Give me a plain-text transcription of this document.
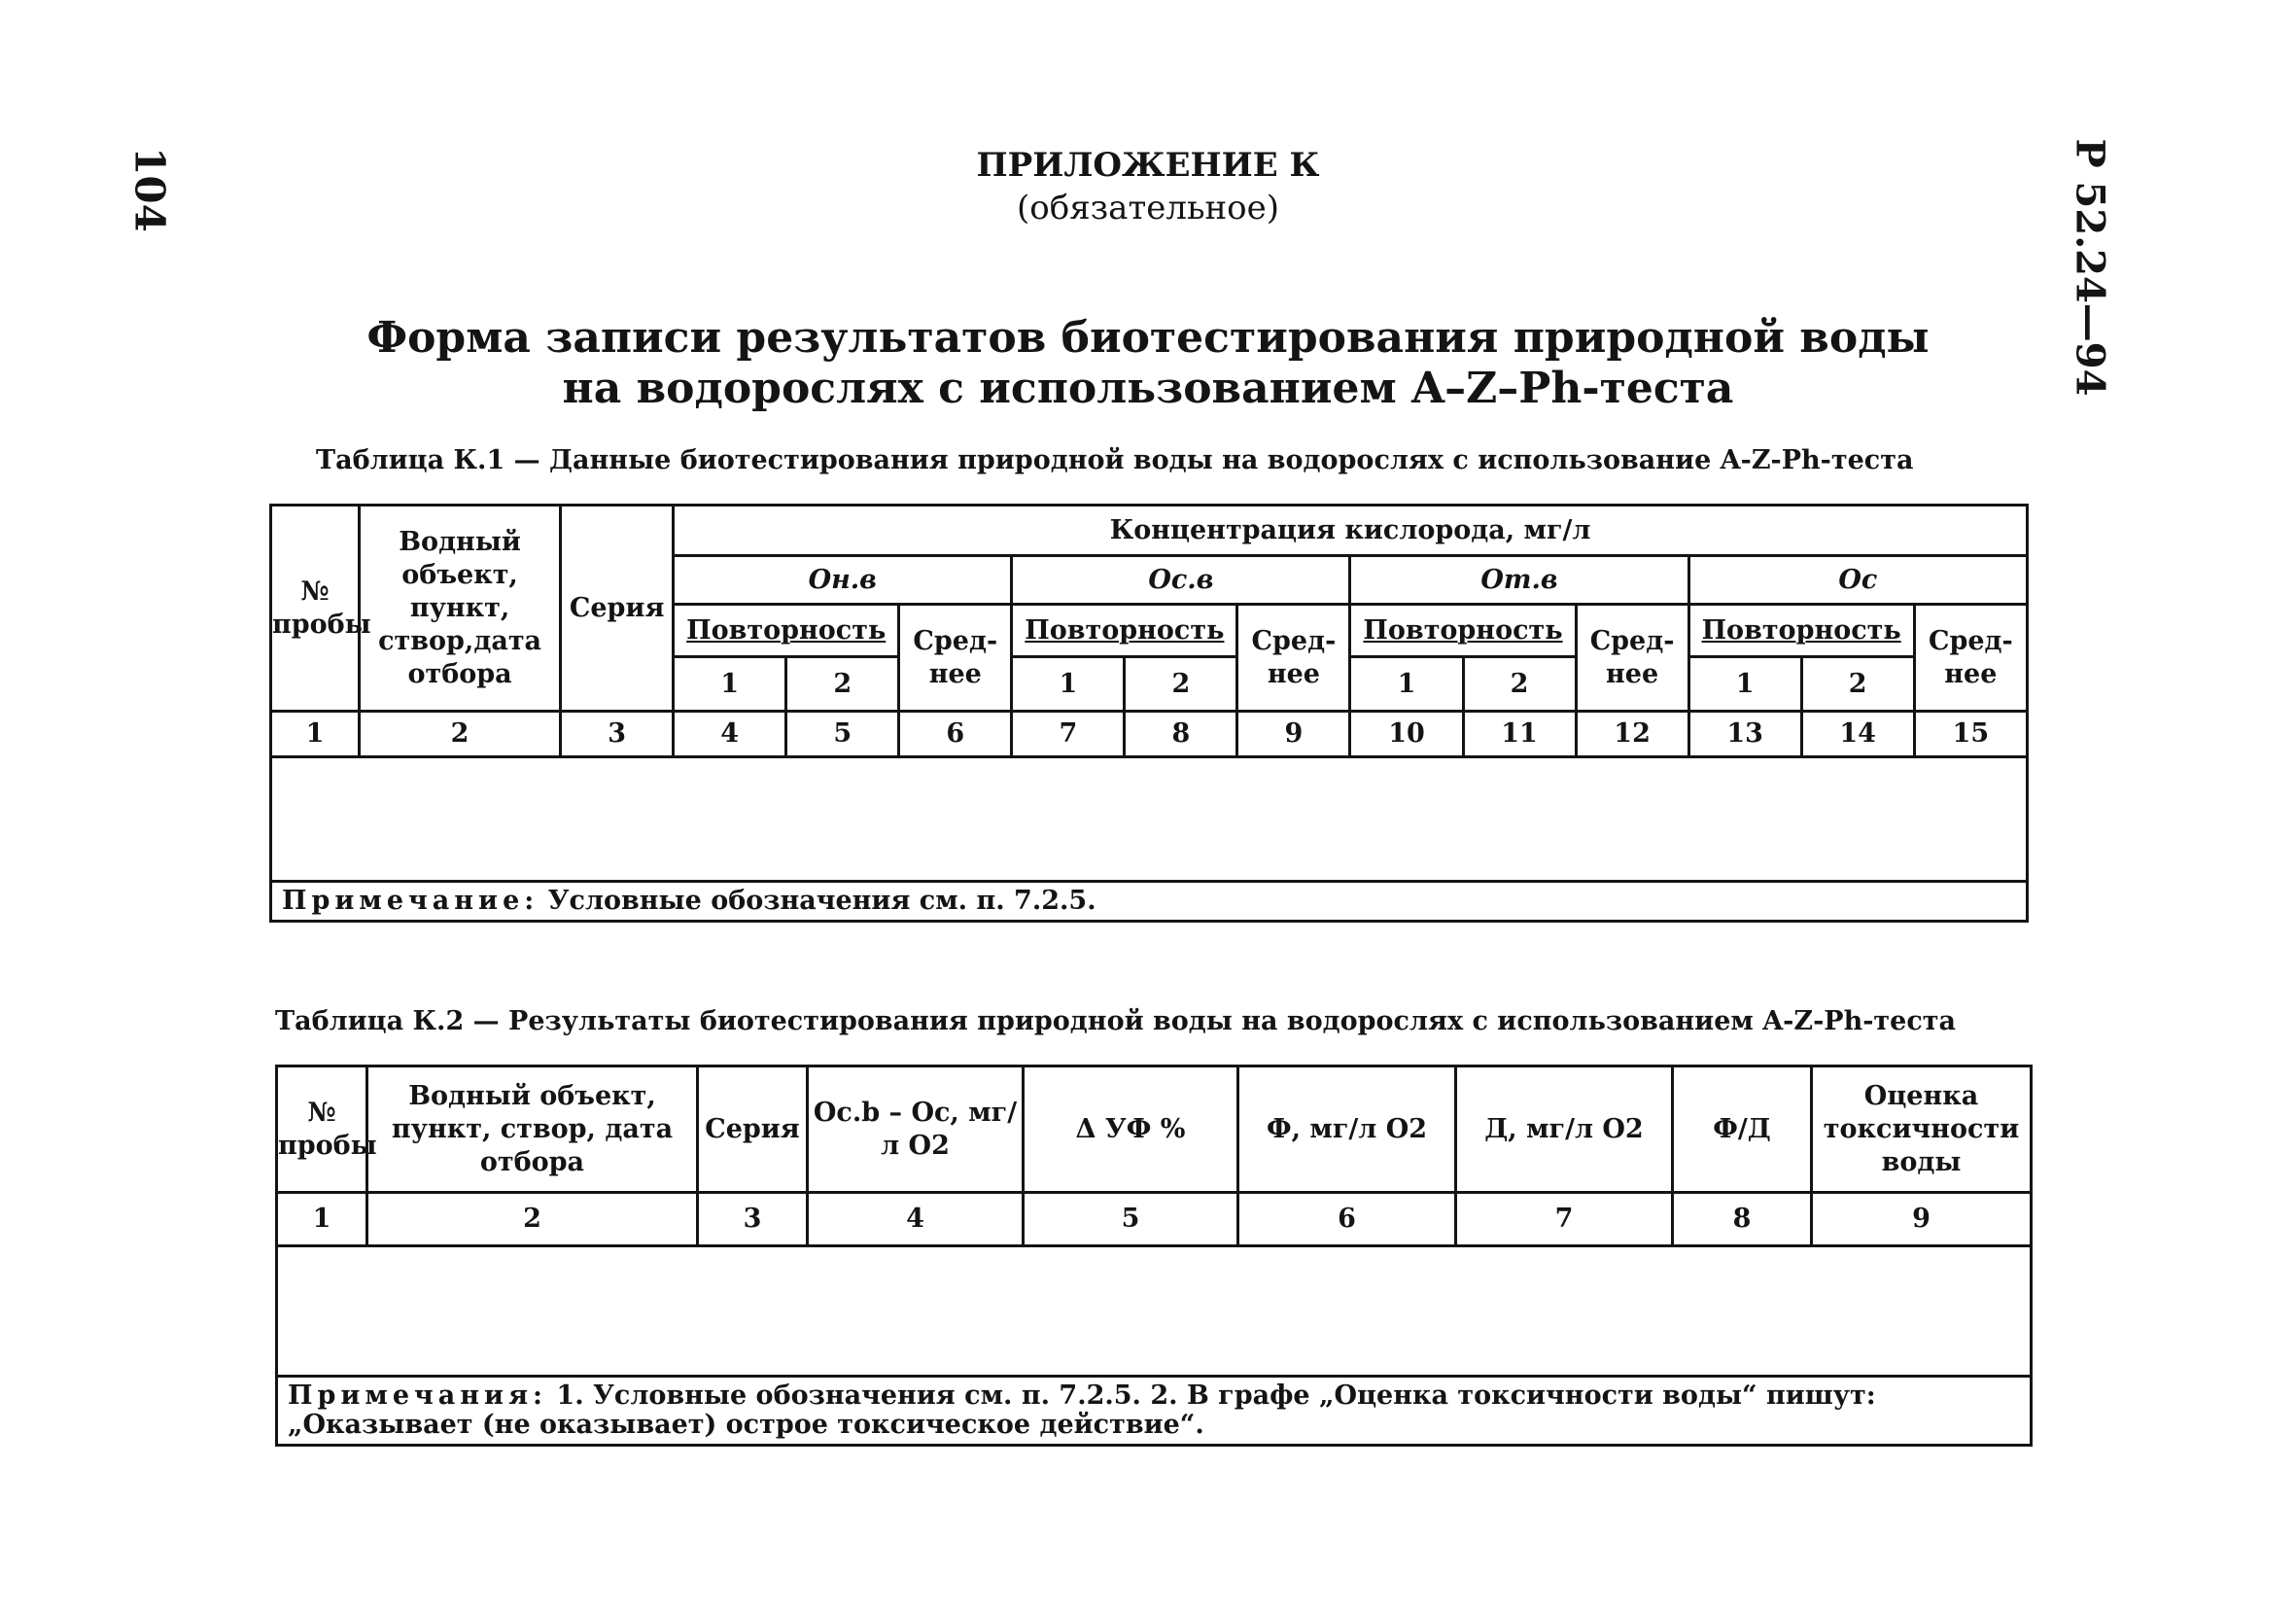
104	Р 52.24—94
ПРИЛОЖЕНИЕ К
(обязательное)
Форма записи результатов биотестирования природной воды
на водорослях с использованием A–Z–Ph-теста
Таблица К.1 — Данные биотестирования природной воды на водорослях с использование A-Z-Ph-теста
№ пробы	Водный объект, пункт, створ,дата отбора	Серия	Концентрация кислорода, мг/л											
			Oн.в			Oс.в			Oт.в			Oс		
			Повторность		Сред- нее	Повторность		Сред- нее	Повторность		Сред- нее	Повторность		Сред- нее
			1	2		1	2		1	2		1	2	
1	2	3	4	5	6	7	8	9	10	11	12	13	14	15

Примечание: Условные обозначения см. п. 7.2.5.														
Таблица К.2 — Результаты биотестирования природной воды на водорослях с использованием A-Z-Ph-теста
№ пробы	Водный объект, пункт, створ, дата отбора	Серия	Oc.b – Oc, мг/л O2	Δ УФ %	Ф, мг/л O2	Д, мг/л O2	Ф/Д	Оценка токсичности воды
1	2	3	4	5	6	7	8	9

Примечания: 1. Условные обозначения см. п. 7.2.5. 2. В графе „Оценка токсичности воды“ пишут: „Оказывает (не оказывает) острое токсическое действие“.								
